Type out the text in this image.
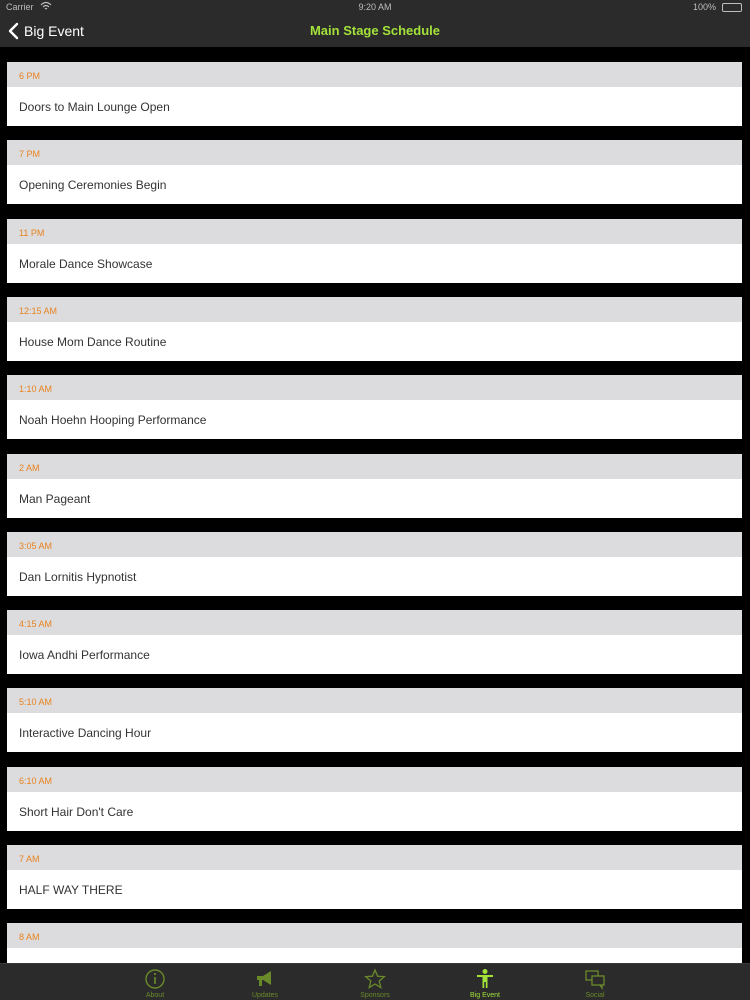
Carrier	9:20 AM	100%
Big Event	Main Stage Schedule
6 PM
Doors to Main Lounge Open
7 PM
Opening Ceremonies Begin
11 PM
Morale Dance Showcase
12:15 AM
House Mom Dance Routine
1:10 AM
Noah Hoehn Hooping Performance
2 AM
Man Pageant
3:05 AM
Dan Lornitis Hypnotist
4:15 AM
Iowa Andhi Performance
5:10 AM
Interactive Dancing Hour
6:10 AM
Short Hair Don't Care
7 AM
HALF WAY THERE
8 AM
About	Updates	Sponsors	Big Event	Social
